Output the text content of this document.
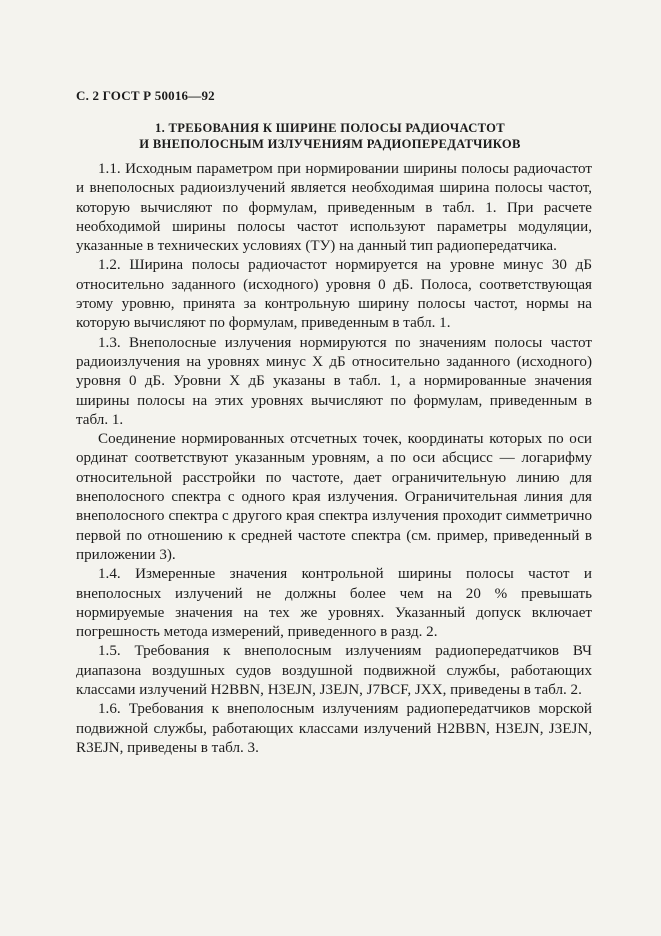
С. 2 ГОСТ Р 50016—92
1. ТРЕБОВАНИЯ К ШИРИНЕ ПОЛОСЫ РАДИОЧАСТОТ
И ВНЕПОЛОСНЫМ ИЗЛУЧЕНИЯМ РАДИОПЕРЕДАТЧИКОВ

1.1. Исходным параметром при нормировании ширины полосы радиочастот и внеполосных радиоизлучений является необходимая ширина полосы частот, которую вычисляют по формулам, приведенным в табл. 1. При расчете необходимой ширины полосы частот используют параметры модуляции, указанные в технических условиях (ТУ) на данный тип радиопередатчика.

1.2. Ширина полосы радиочастот нормируется на уровне минус 30 дБ относительно заданного (исходного) уровня 0 дБ. Полоса, соответствующая этому уровню, принята за контрольную ширину полосы частот, нормы на которую вычисляют по формулам, приведенным в табл. 1.

1.3. Внеполосные излучения нормируются по значениям полосы частот радиоизлучения на уровнях минус X дБ относительно заданного (исходного) уровня 0 дБ. Уровни X дБ указаны в табл. 1, а нормированные значения ширины полосы на этих уровнях вычисляют по формулам, приведенным в табл. 1.

Соединение нормированных отсчетных точек, координаты которых по оси ординат соответствуют указанным уровням, а по оси абсцисс — логарифму относительной расстройки по частоте, дает ограничительную линию для внеполосного спектра с одного края излучения. Ограничительная линия для внеполосного спектра с другого края спектра излучения проходит симметрично первой по отношению к средней частоте спектра (см. пример, приведенный в приложении 3).

1.4. Измеренные значения контрольной ширины полосы частот и внеполосных излучений не должны более чем на 20 % превышать нормируемые значения на тех же уровнях. Указанный допуск включает погрешность метода измерений, приведенного в разд. 2.

1.5. Требования к внеполосным излучениям радиопередатчиков ВЧ диапазона воздушных судов воздушной подвижной службы, работающих классами излучений H2BBN, H3EJN, J3EJN, J7BCF, JXX, приведены в табл. 2.

1.6. Требования к внеполосным излучениям радиопередатчиков морской подвижной службы, работающих классами излучений H2BBN, H3EJN, J3EJN, R3EJN, приведены в табл. 3.
